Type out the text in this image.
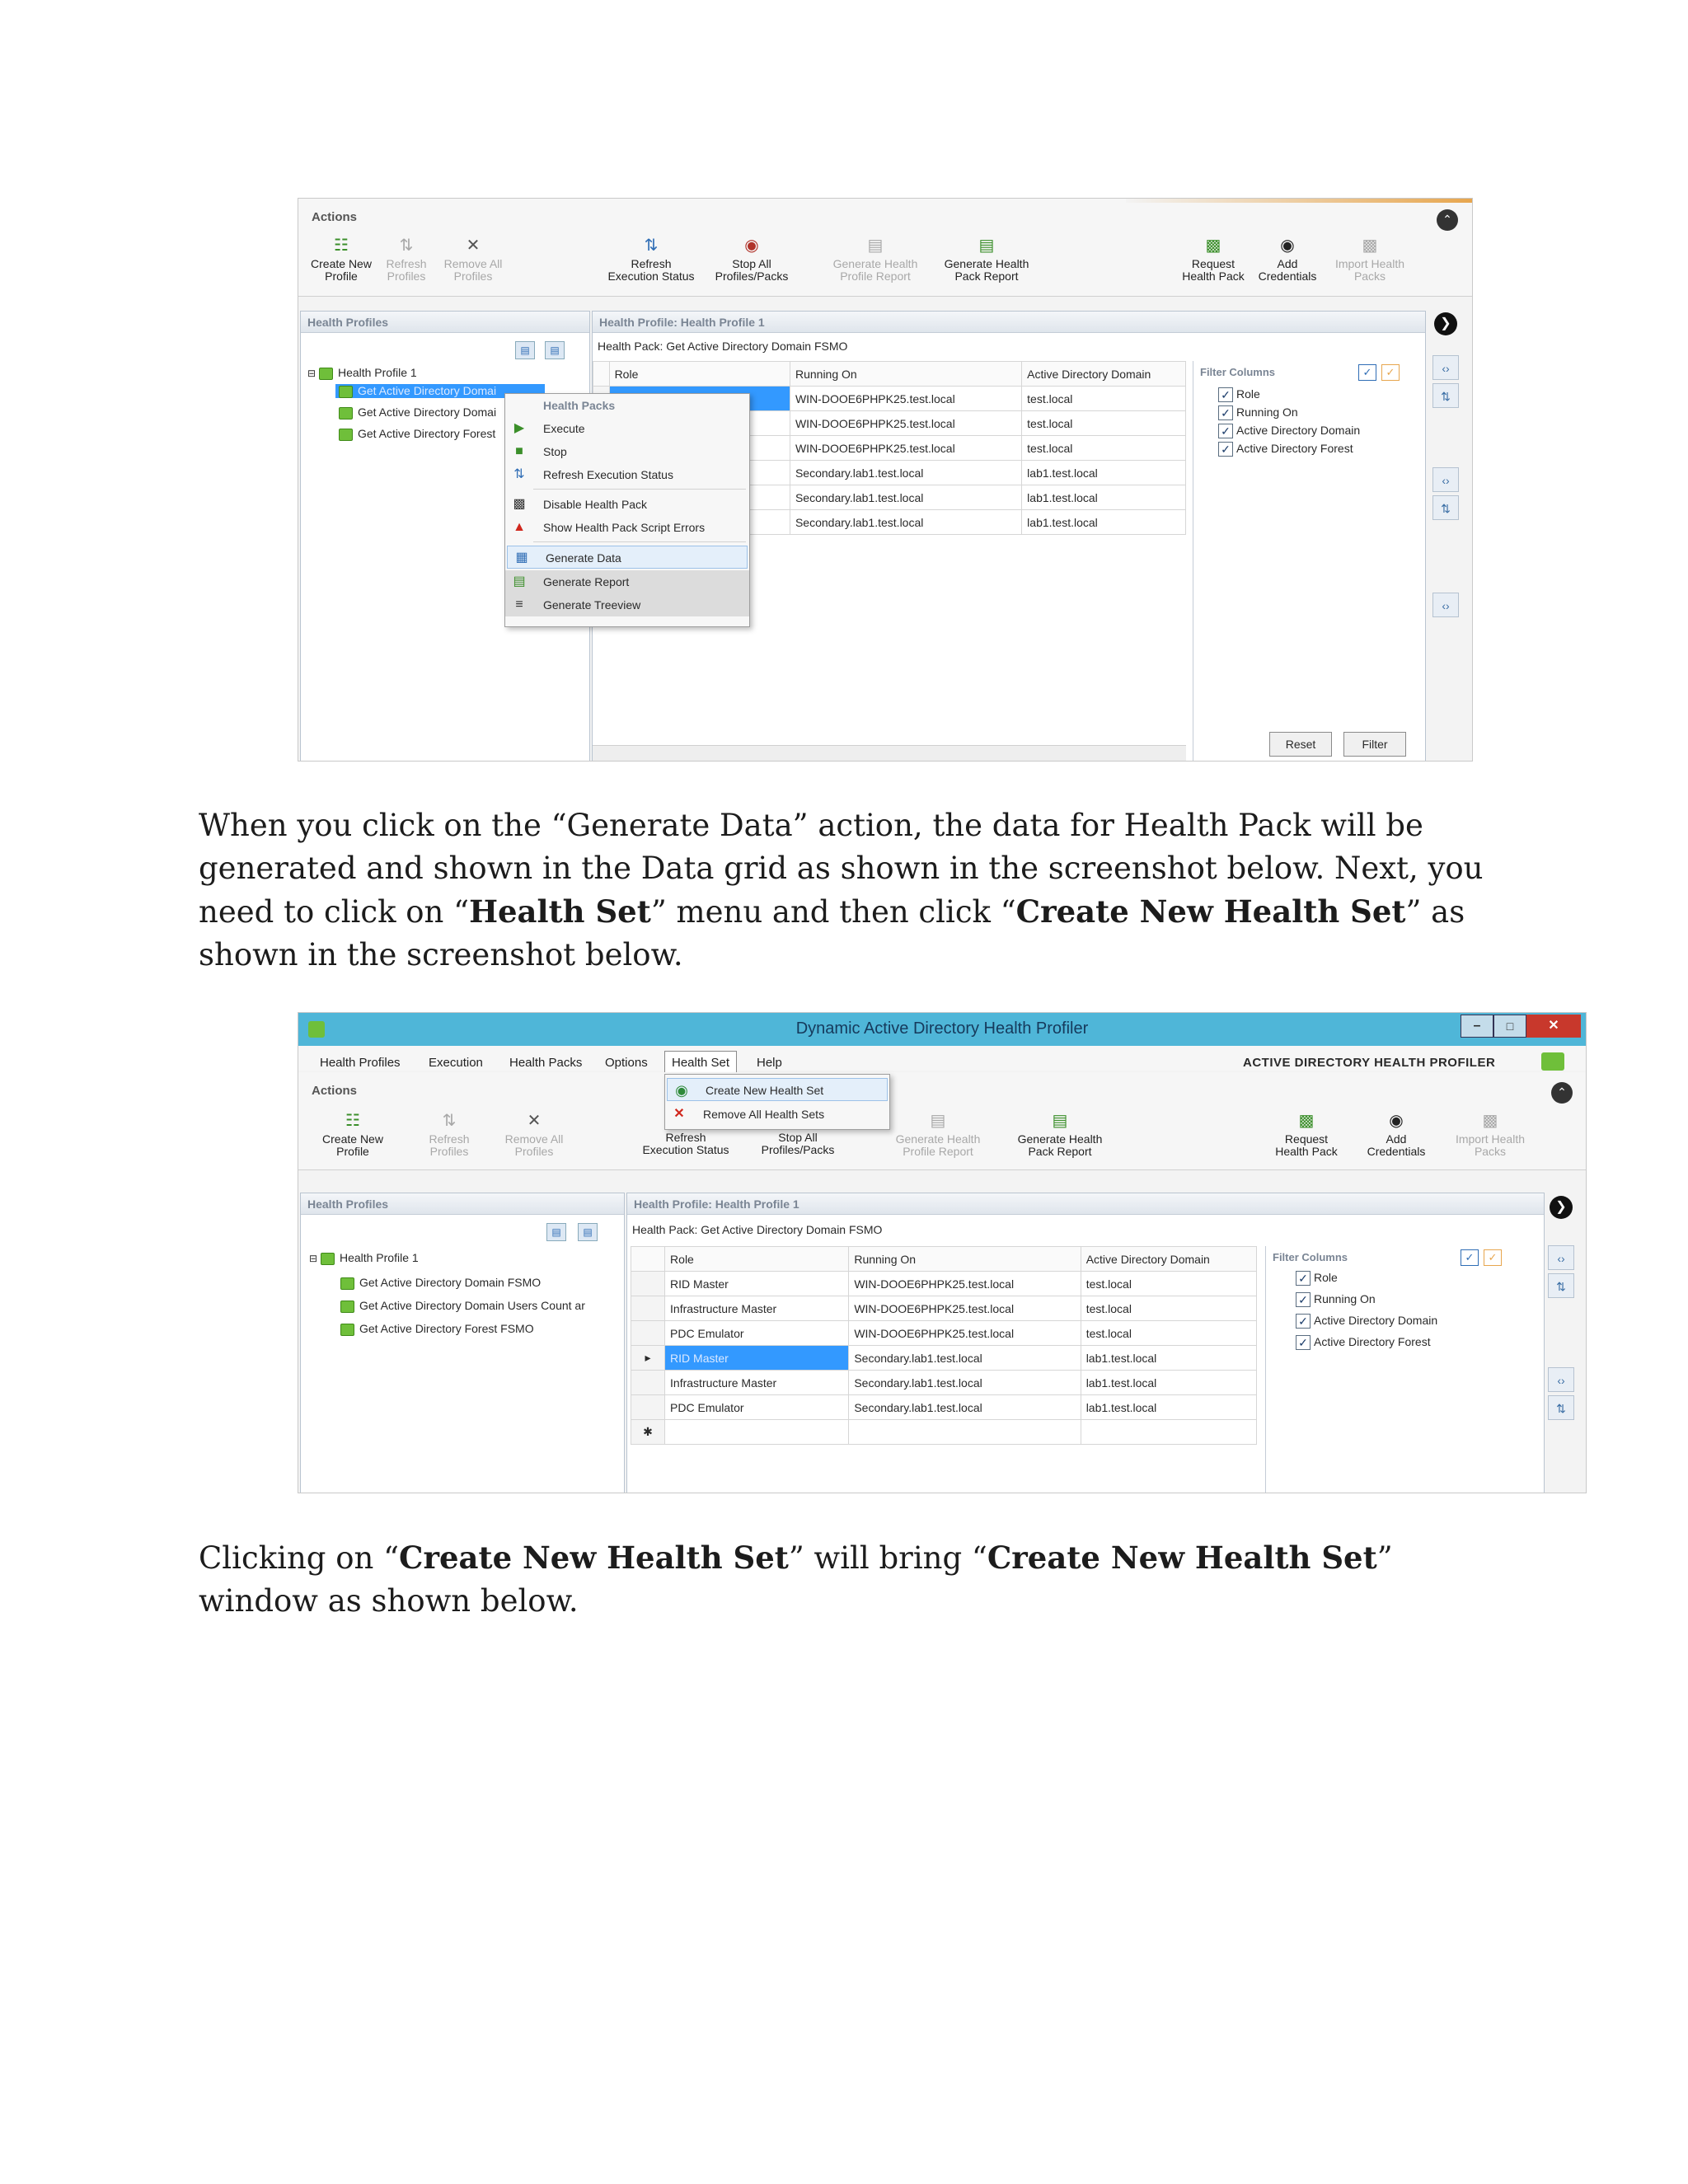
Actions	⌃
☷
Create New
Profile
⇅
Refresh
Profiles
✕
Remove All
Profiles
⇅
Refresh
Execution Status
◉
Stop All
Profiles/Packs
▤
Generate Health
Profile Report
▤
Generate Health
Pack Report
▩
Request
Health Pack
◉
Add
Credentials
▩
Import Health
Packs
Health Profiles
▤	▤
⊟ Health Profile 1
Get Active Directory Domai
Get Active Directory Domai
Get Active Directory Forest
Health Profile: Health Profile 1
Health Pack: Get Active Directory Domain FSMO
	Role	Running On	Active Directory Domain
		WIN-DOOE6PHPK25.test.local	test.local
		WIN-DOOE6PHPK25.test.local	test.local
		WIN-DOOE6PHPK25.test.local	test.local
		Secondary.lab1.test.local	lab1.test.local
		Secondary.lab1.test.local	lab1.test.local
		Secondary.lab1.test.local	lab1.test.local
Filter Columns	✓	✓
✓ Role
✓ Running On
✓ Active Directory Domain
✓ Active Directory Forest
Reset	Filter
❯
‹›
⇅
‹›
⇅
‹›
Health Packs
▶ Execute
■ Stop
⇅ Refresh Execution Status
▩ Disable Health Pack
▲ Show Health Pack Script Errors
▦ Generate Data
▤ Generate Report
≡	Generate Treeview

When you click on the “Generate Data” action, the data for Health Pack will be generated and shown in the Data grid as shown in the screenshot below. Next, you need to click on “Health Set” menu and then click “Create New Health Set” as shown in the screenshot below.

Dynamic Active Directory Health Profiler	–	□	✕
Health Profiles Execution Health Packs Options	Health Set	Help	ACTIVE DIRECTORY HEALTH PROFILER
Actions	⌃
☷
Create New
Profile
⇅
Refresh
Profiles
✕
Remove All
Profiles
Refresh
Execution Status
Stop All
Profiles/Packs
▤
Generate Health
Profile Report
▤
Generate Health
Pack Report
▩
Request
Health Pack
◉
Add
Credentials
▩
Import Health
Packs
◉ Create New Health Set
✕ Remove All Health Sets
Health Profiles
▤	▤
⊟ Health Profile 1
Get Active Directory Domain FSMO
Get Active Directory Domain Users Count ar
Get Active Directory Forest FSMO
Health Profile: Health Profile 1
Health Pack: Get Active Directory Domain FSMO
	Role	Running On	Active Directory Domain
	RID Master	WIN-DOOE6PHPK25.test.local	test.local
	Infrastructure Master	WIN-DOOE6PHPK25.test.local	test.local
	PDC Emulator	WIN-DOOE6PHPK25.test.local	test.local
▸	RID Master	Secondary.lab1.test.local	lab1.test.local
	Infrastructure Master	Secondary.lab1.test.local	lab1.test.local
	PDC Emulator	Secondary.lab1.test.local	lab1.test.local
✱			
Filter Columns	✓	✓
✓ Role
✓ Running On
✓ Active Directory Domain
✓ Active Directory Forest
❯
‹›
⇅
‹›
⇅

Clicking on “Create New Health Set” will bring “Create New Health Set” window as shown below.
